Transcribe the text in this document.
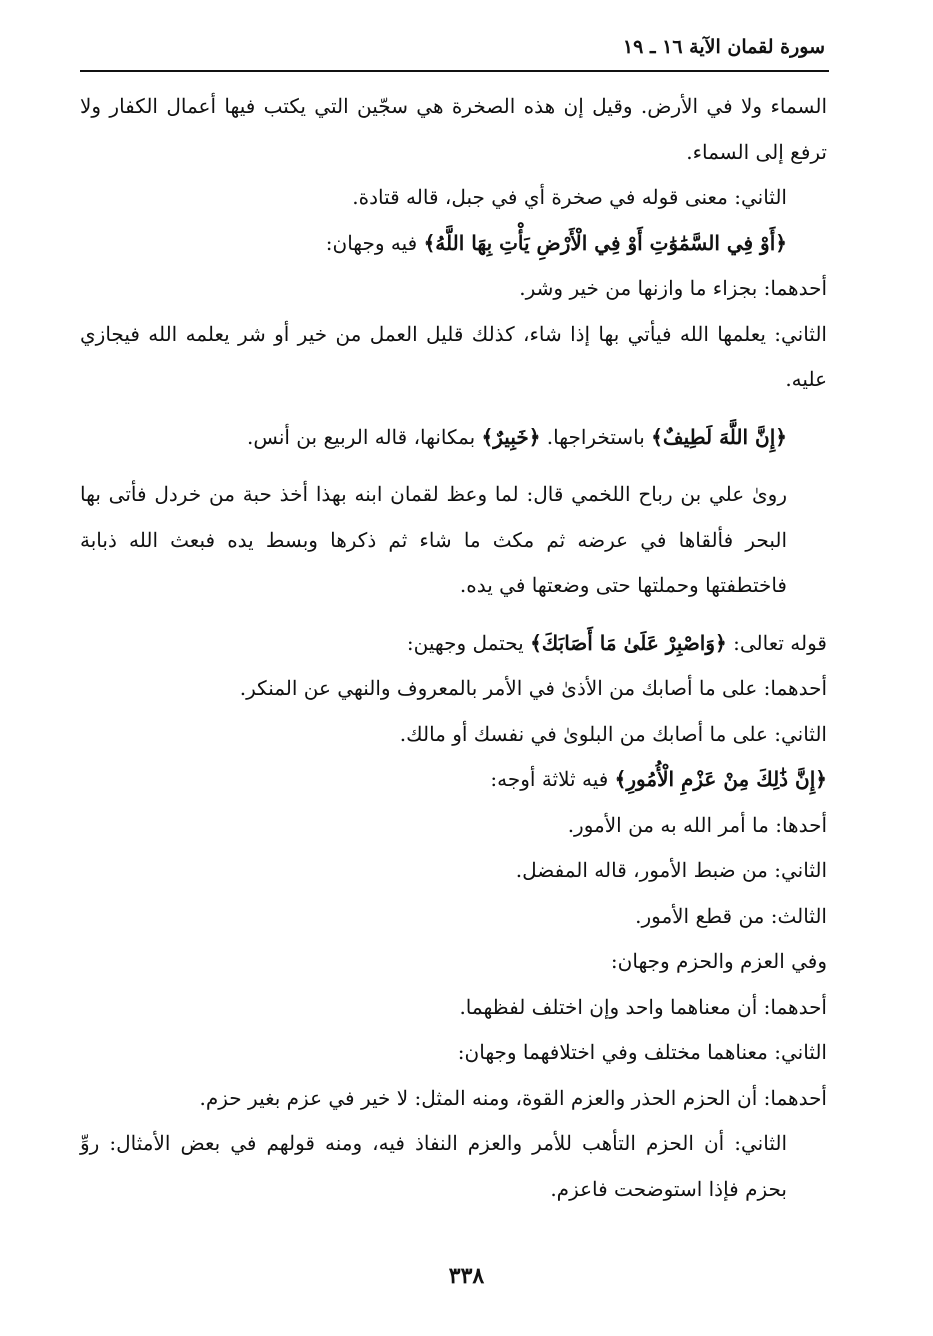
سورة لقمان الآية ١٦ ـ ١٩

السماء ولا في الأرض. وقيل إن هذه الصخرة هي سجّين التي يكتب فيها أعمال الكفار ولا ترفع إلى السماء.

الثاني: معنى قوله في صخرة أي في جبل، قاله قتادة.

﴿أَوْ فِي السَّمَٰوَٰتِ أَوْ فِي الْأَرْضِ يَأْتِ بِهَا اللَّهُ﴾ فيه وجهان:

أحدهما: بجزاء ما وازنها من خير وشر.

الثاني: يعلمها الله فيأتي بها إذا شاء، كذلك قليل العمل من خير أو شر يعلمه الله فيجازي عليه.

﴿إِنَّ اللَّهَ لَطِيفٌ﴾ باستخراجها. ﴿خَبِيرٌ﴾ بمكانها، قاله الربيع بن أنس.

روىٰ علي بن رباح اللخمي قال: لما وعظ لقمان ابنه بهذا أخذ حبة من خردل فأتى بها البحر فألقاها في عرضه ثم مكث ما شاء ثم ذكرها وبسط يده فبعث الله ذبابة فاختطفتها وحملتها حتى وضعتها في يده.

قوله تعالى: ﴿وَاصْبِرْ عَلَىٰ مَا أَصَابَكَ﴾ يحتمل وجهين:

أحدهما: على ما أصابك من الأذىٰ في الأمر بالمعروف والنهي عن المنكر.

الثاني: على ما أصابك من البلوىٰ في نفسك أو مالك.

﴿إِنَّ ذَٰلِكَ مِنْ عَزْمِ الْأُمُورِ﴾ فيه ثلاثة أوجه:

أحدها: ما أمر الله به من الأمور.

الثاني: من ضبط الأمور، قاله المفضل.

الثالث: من قطع الأمور.

وفي العزم والحزم وجهان:

أحدهما: أن معناهما واحد وإن اختلف لفظهما.

الثاني: معناهما مختلف وفي اختلافهما وجهان:

أحدهما: أن الحزم الحذر والعزم القوة، ومنه المثل: لا خير في عزم بغير حزم.

الثاني: أن الحزم التأهب للأمر والعزم النفاذ فيه، ومنه قولهم في بعض الأمثال: روِّ بحزم فإذا استوضحت فاعزم.

٣٣٨
